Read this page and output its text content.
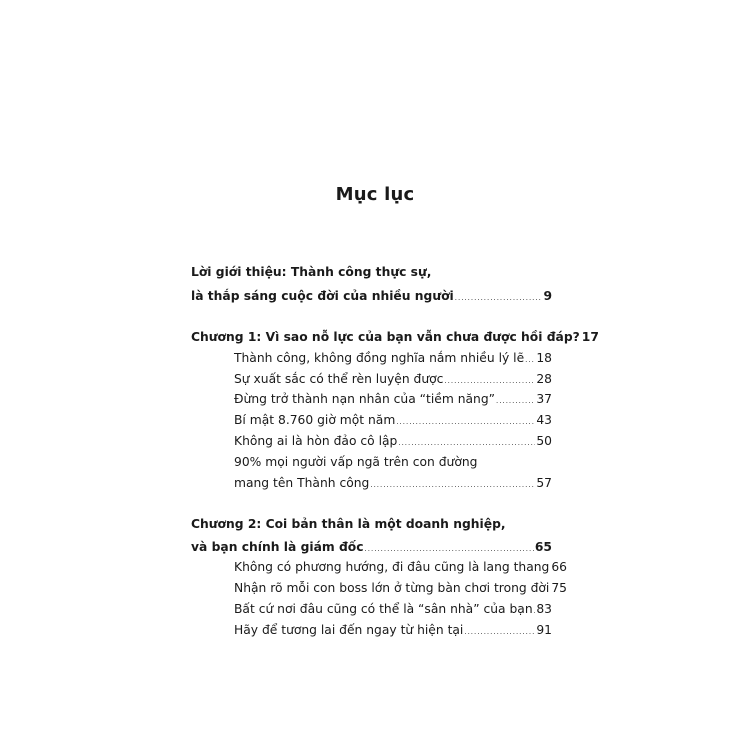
Mục lục
Lời giới thiệu: Thành công thực sự,
là thắp sáng cuộc đời của nhiều người .....	9
Chương 1: Vì sao nỗ lực của bạn vẫn chưa được hồi đáp? 17
Thành công, không đồng nghĩa nắm nhiều lý lẽ ..... 18
Sự xuất sắc có thể rèn luyện được .....	28
Đừng trở thành nạn nhân của “tiềm năng” .....	37
Bí mật 8.760 giờ một năm .....	43
Không ai là hòn đảo cô lập .....	50
90% mọi người vấp ngã trên con đường
mang tên Thành công .....	57
Chương 2: Coi bản thân là một doanh nghiệp,
và bạn chính là giám đốc .....	65
Không có phương hướng, đi đâu cũng là lang thang 66
Nhận rõ mỗi con boss lớn ở từng bàn chơi trong đời 75
Bất cứ nơi đâu cũng có thể là “sân nhà” của bạn ..... 83
Hãy để tương lai đến ngay từ hiện tại .....	91
